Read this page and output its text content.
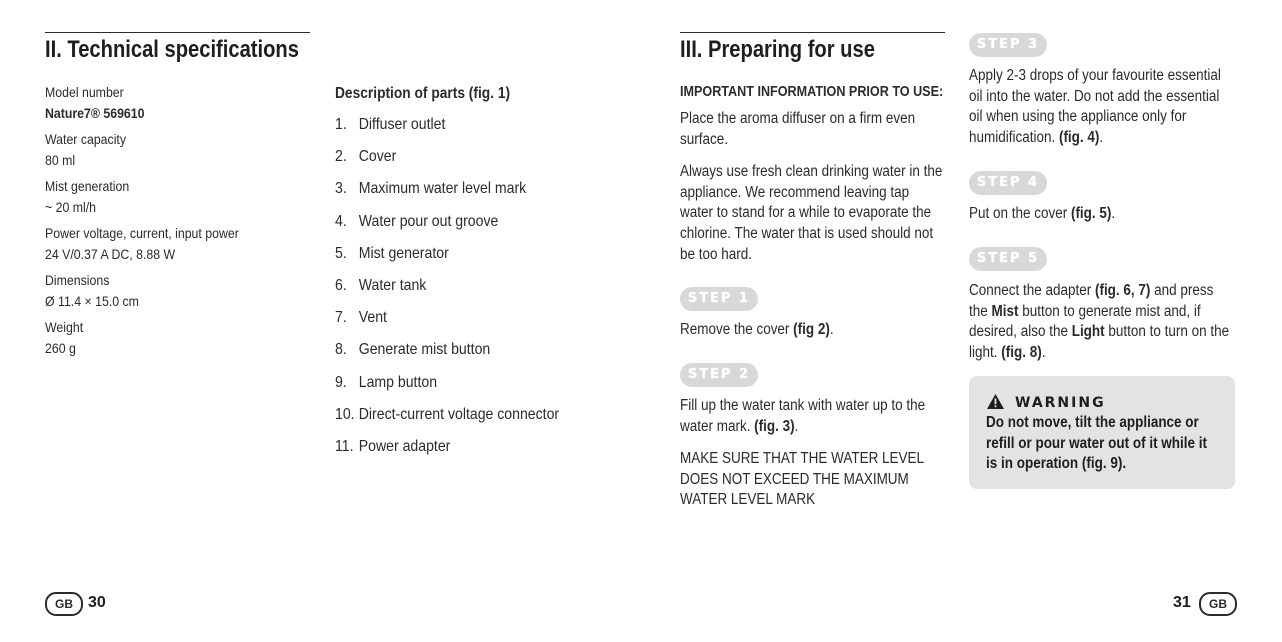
II. Technical specifications
Model number
Nature7® 569610
Water capacity
80 ml
Mist generation
~ 20 ml/h
Power voltage, current, input power
24 V/0.37 A DC, 8.88 W
Dimensions
Ø 11.4 × 15.0 cm
Weight
260 g
Description of parts (fig. 1)
1. Diffuser outlet
2. Cover
3. Maximum water level mark
4. Water pour out groove
5. Mist generator
6. Water tank
7. Vent
8. Generate mist button
9. Lamp button
10. Direct-current voltage connector
11. Power adapter
GB 30
III. Preparing for use
IMPORTANT INFORMATION PRIOR TO USE:
Place the aroma diffuser on a firm even surface.
Always use fresh clean drinking water in the appliance. We recommend leaving tap water to stand for a while to evaporate the chlorine. The water that is used should not be too hard.
STEP 1
Remove the cover (fig 2).
STEP 2
Fill up the water tank with water up to the water mark. (fig. 3).
MAKE SURE THAT THE WATER LEVEL DOES NOT EXCEED THE MAXIMUM WATER LEVEL MARK
STEP 3
Apply 2-3 drops of your favourite essential oil into the water. Do not add the essential oil when using the appliance only for humidification. (fig. 4).
STEP 4
Put on the cover (fig. 5).
STEP 5
Connect the adapter (fig. 6, 7) and press the Mist button to generate mist and, if desired, also the Light button to turn on the light. (fig. 8).
WARNING
Do not move, tilt the appliance or refill or pour water out of it while it is in operation (fig. 9).
31	GB
